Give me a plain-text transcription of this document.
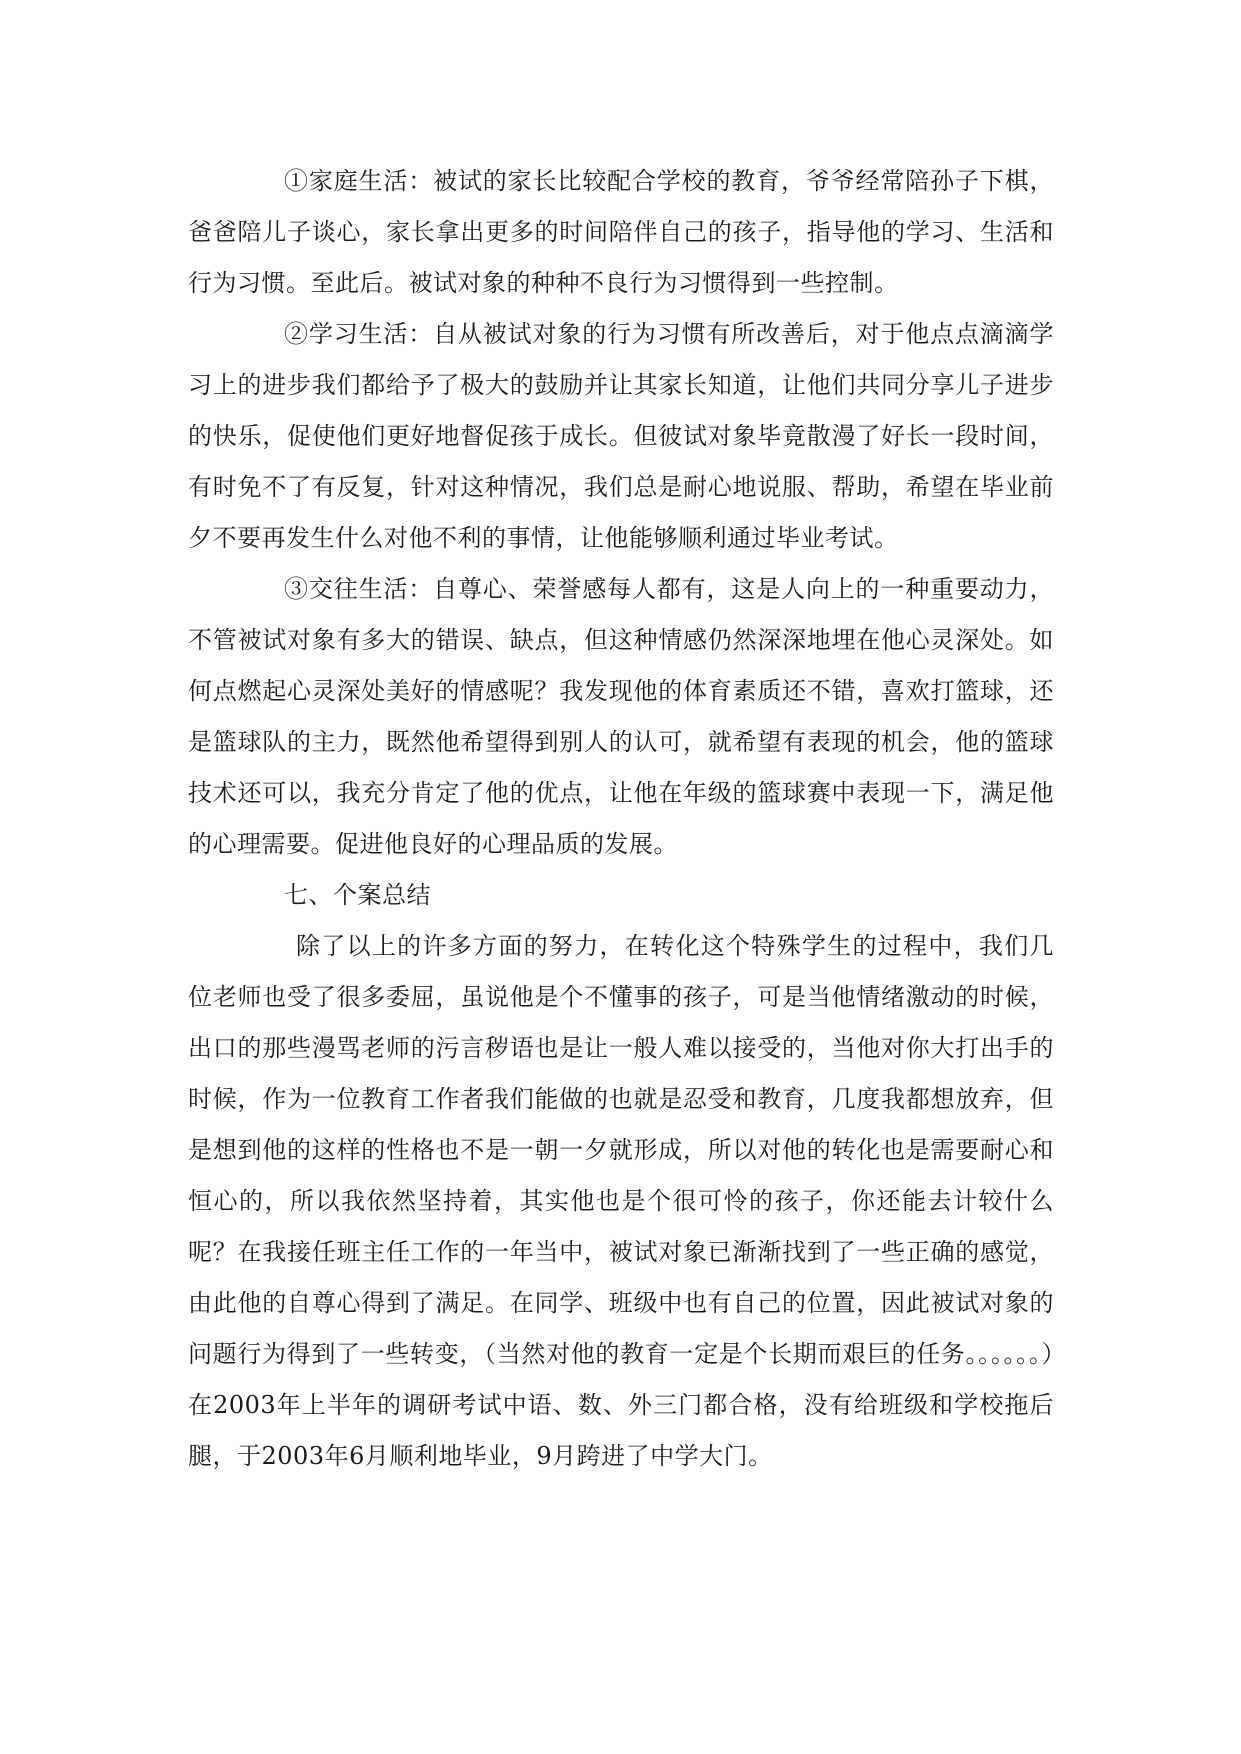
①家庭生活：被试的家长比较配合学校的教育，爷爷经常陪孙子下棋，爸爸陪儿子谈心，家长拿出更多的时间陪伴自己的孩子，指导他的学习、生活和行为习惯。至此后。被试对象的种种不良行为习惯得到一些控制。

②学习生活：自从被试对象的行为习惯有所改善后，对于他点点滴滴学习上的进步我们都给予了极大的鼓励并让其家长知道，让他们共同分享儿子进步的快乐，促使他们更好地督促孩于成长。但彼试对象毕竟散漫了好长一段时间，有时免不了有反复，针对这种情况，我们总是耐心地说服、帮助，希望在毕业前夕不要再发生什么对他不利的事情，让他能够顺利通过毕业考试。

③交往生活：自尊心、荣誉感每人都有，这是人向上的一种重要动力，不管被试对象有多大的错误、缺点，但这种情感仍然深深地埋在他心灵深处。如何点燃起心灵深处美好的情感呢？我发现他的体育素质还不错，喜欢打篮球，还是篮球队的主力，既然他希望得到别人的认可，就希望有表现的机会，他的篮球技术还可以，我充分肯定了他的优点，让他在年级的篮球赛中表现一下，满足他的心理需要。促进他良好的心理品质的发展。

七、个案总结

除了以上的许多方面的努力，在转化这个特殊学生的过程中，我们几位老师也受了很多委屈，虽说他是个不懂事的孩子，可是当他情绪激动的时候，出口的那些漫骂老师的污言秽语也是让一般人难以接受的，当他对你大打出手的时候，作为一位教育工作者我们能做的也就是忍受和教育，几度我都想放弃，但是想到他的这样的性格也不是一朝一夕就形成，所以对他的转化也是需要耐心和恒心的，所以我依然坚持着，其实他也是个很可怜的孩子，你还能去计较什么呢？在我接任班主任工作的一年当中，被试对象已渐渐找到了一些正确的感觉，由此他的自尊心得到了满足。在同学、班级中也有自己的位置，因此被试对象的问题行为得到了一些转变，（当然对他的教育一定是个长期而艰巨的任务。。。。。。）在2003年上半年的调研考试中语、数、外三门都合格，没有给班级和学校拖后腿，于2003年6月顺利地毕业，9月跨进了中学大门。
